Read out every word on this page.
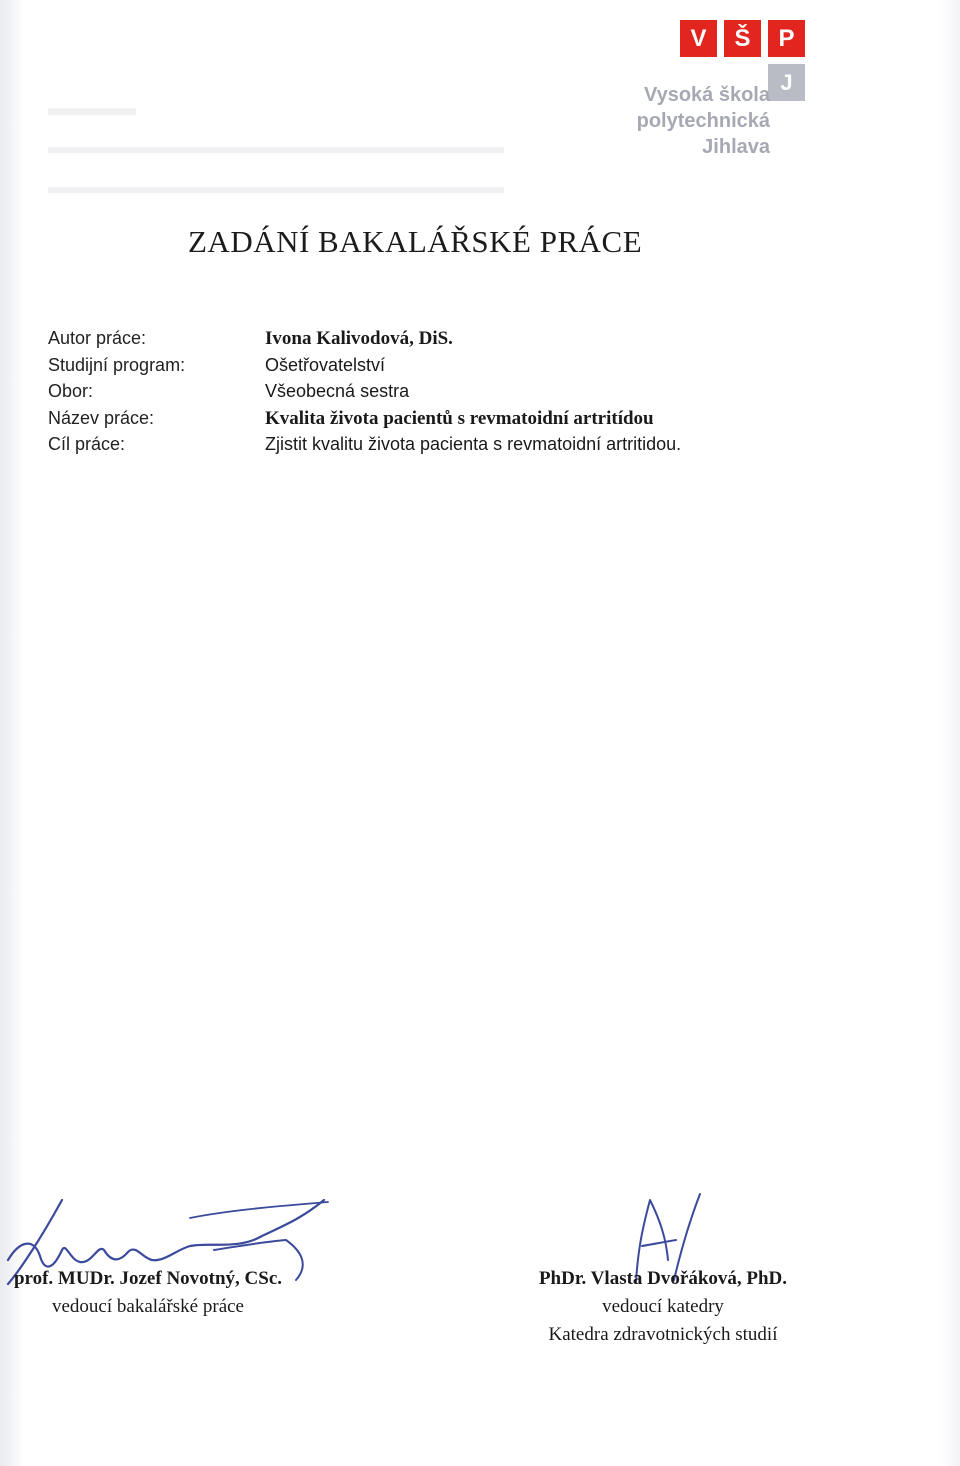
▬▬▬▬
▬▬▬▬▬▬▬▬▬▬▬▬▬▬▬▬▬▬▬▬▬▬▬▬
▬▬▬▬▬▬▬▬▬▬▬▬▬▬▬▬▬▬▬▬▬▬▬▬
V	Š	P
J
Vysoká škola
polytechnická
Jihlava
ZADÁNÍ BAKALÁŘSKÉ PRÁCE
Autor práce:	Ivona Kalivodová, DiS.
Studijní program:	Ošetřovatelství
Obor:	Všeobecná sestra
Název práce:	Kvalita života pacientů s revmatoidní artritídou
Cíl práce:	Zjistit kvalitu života pacienta s revmatoidní artritidou.
prof. MUDr. Jozef Novotný, CSc.
vedoucí bakalářské práce
PhDr. Vlasta Dvořáková, PhD.
vedoucí katedry
Katedra zdravotnických studií
